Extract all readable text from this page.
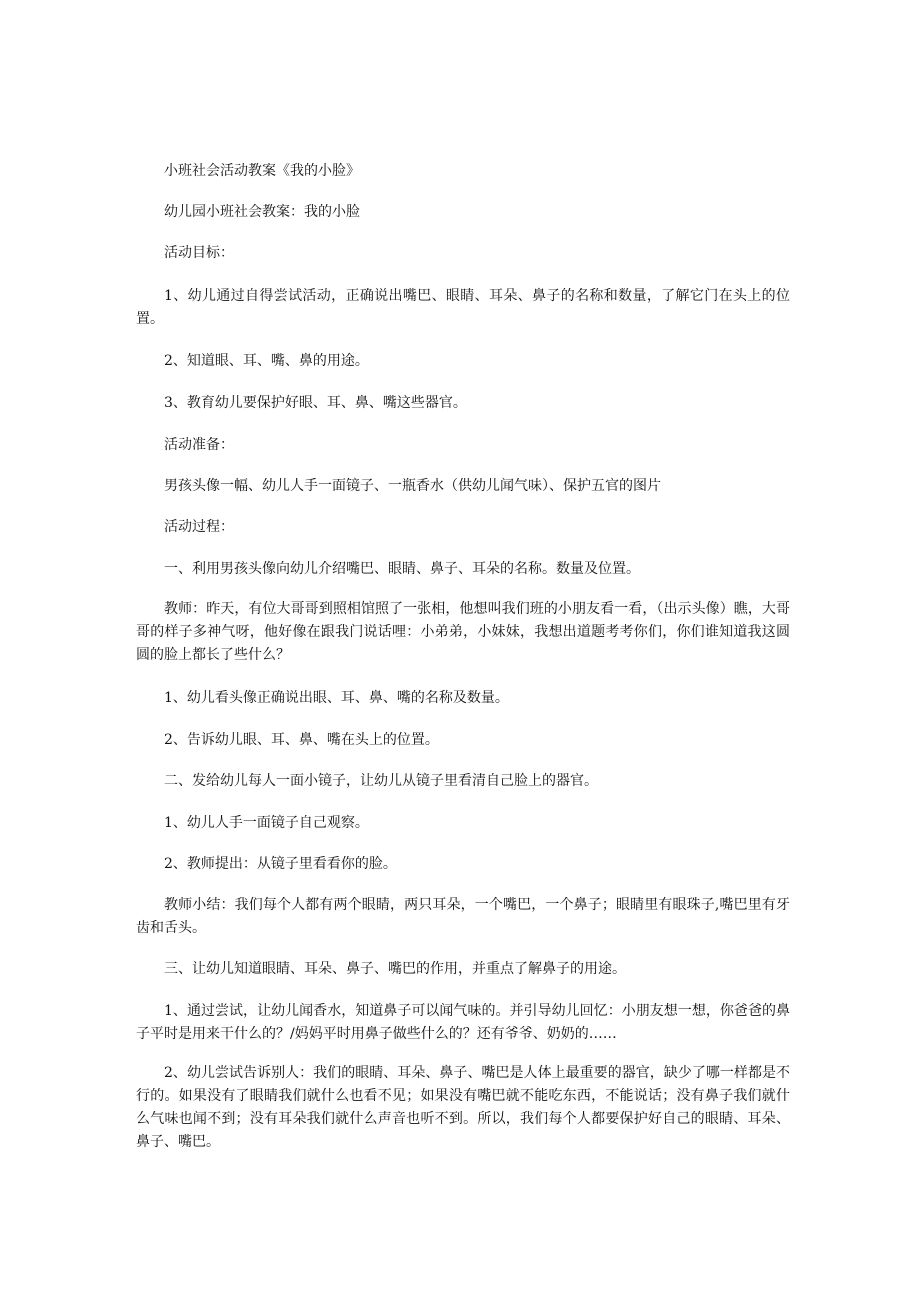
小班社会活动教案《我的小脸》

幼儿园小班社会教案：我的小脸

活动目标：

1、幼儿通过自得尝试活动，正确说出嘴巴、眼睛、耳朵、鼻子的名称和数量，了解它门在头上的位置。

2、知道眼、耳、嘴、鼻的用途。

3、教育幼儿要保护好眼、耳、鼻、嘴这些器官。

活动准备：

男孩头像一幅、幼儿人手一面镜子、一瓶香水（供幼儿闻气味）、保护五官的图片

活动过程：

一、利用男孩头像向幼儿介绍嘴巴、眼睛、鼻子、耳朵的名称。数量及位置。

教师：昨天，有位大哥哥到照相馆照了一张相，他想叫我们班的小朋友看一看，（出示头像）瞧，大哥哥的样子多神气呀，他好像在跟我门说话哩：小弟弟，小妹妹，我想出道题考考你们，你们谁知道我这圆圆的脸上都长了些什么？

1、幼儿看头像正确说出眼、耳、鼻、嘴的名称及数量。

2、告诉幼儿眼、耳、鼻、嘴在头上的位置。

二、发给幼儿每人一面小镜子，让幼儿从镜子里看清自己脸上的器官。

1、幼儿人手一面镜子自己观察。

2、教师提出：从镜子里看看你的脸。

教师小结：我们每个人都有两个眼睛，两只耳朵，一个嘴巴，一个鼻子；眼睛里有眼珠子,嘴巴里有牙齿和舌头。

三、让幼儿知道眼睛、耳朵、鼻子、嘴巴的作用，并重点了解鼻子的用途。

1、通过尝试，让幼儿闻香水，知道鼻子可以闻气味的。并引导幼儿回忆：小朋友想一想，你爸爸的鼻子平时是用来干什么的？/妈妈平时用鼻子做些什么的？还有爷爷、奶奶的……

2、幼儿尝试告诉别人：我们的眼睛、耳朵、鼻子、嘴巴是人体上最重要的器官，缺少了哪一样都是不行的。如果没有了眼睛我们就什么也看不见；如果没有嘴巴就不能吃东西，不能说话；没有鼻子我们就什么气味也闻不到；没有耳朵我们就什么声音也听不到。所以，我们每个人都要保护好自己的眼睛、耳朵、鼻子、嘴巴。
